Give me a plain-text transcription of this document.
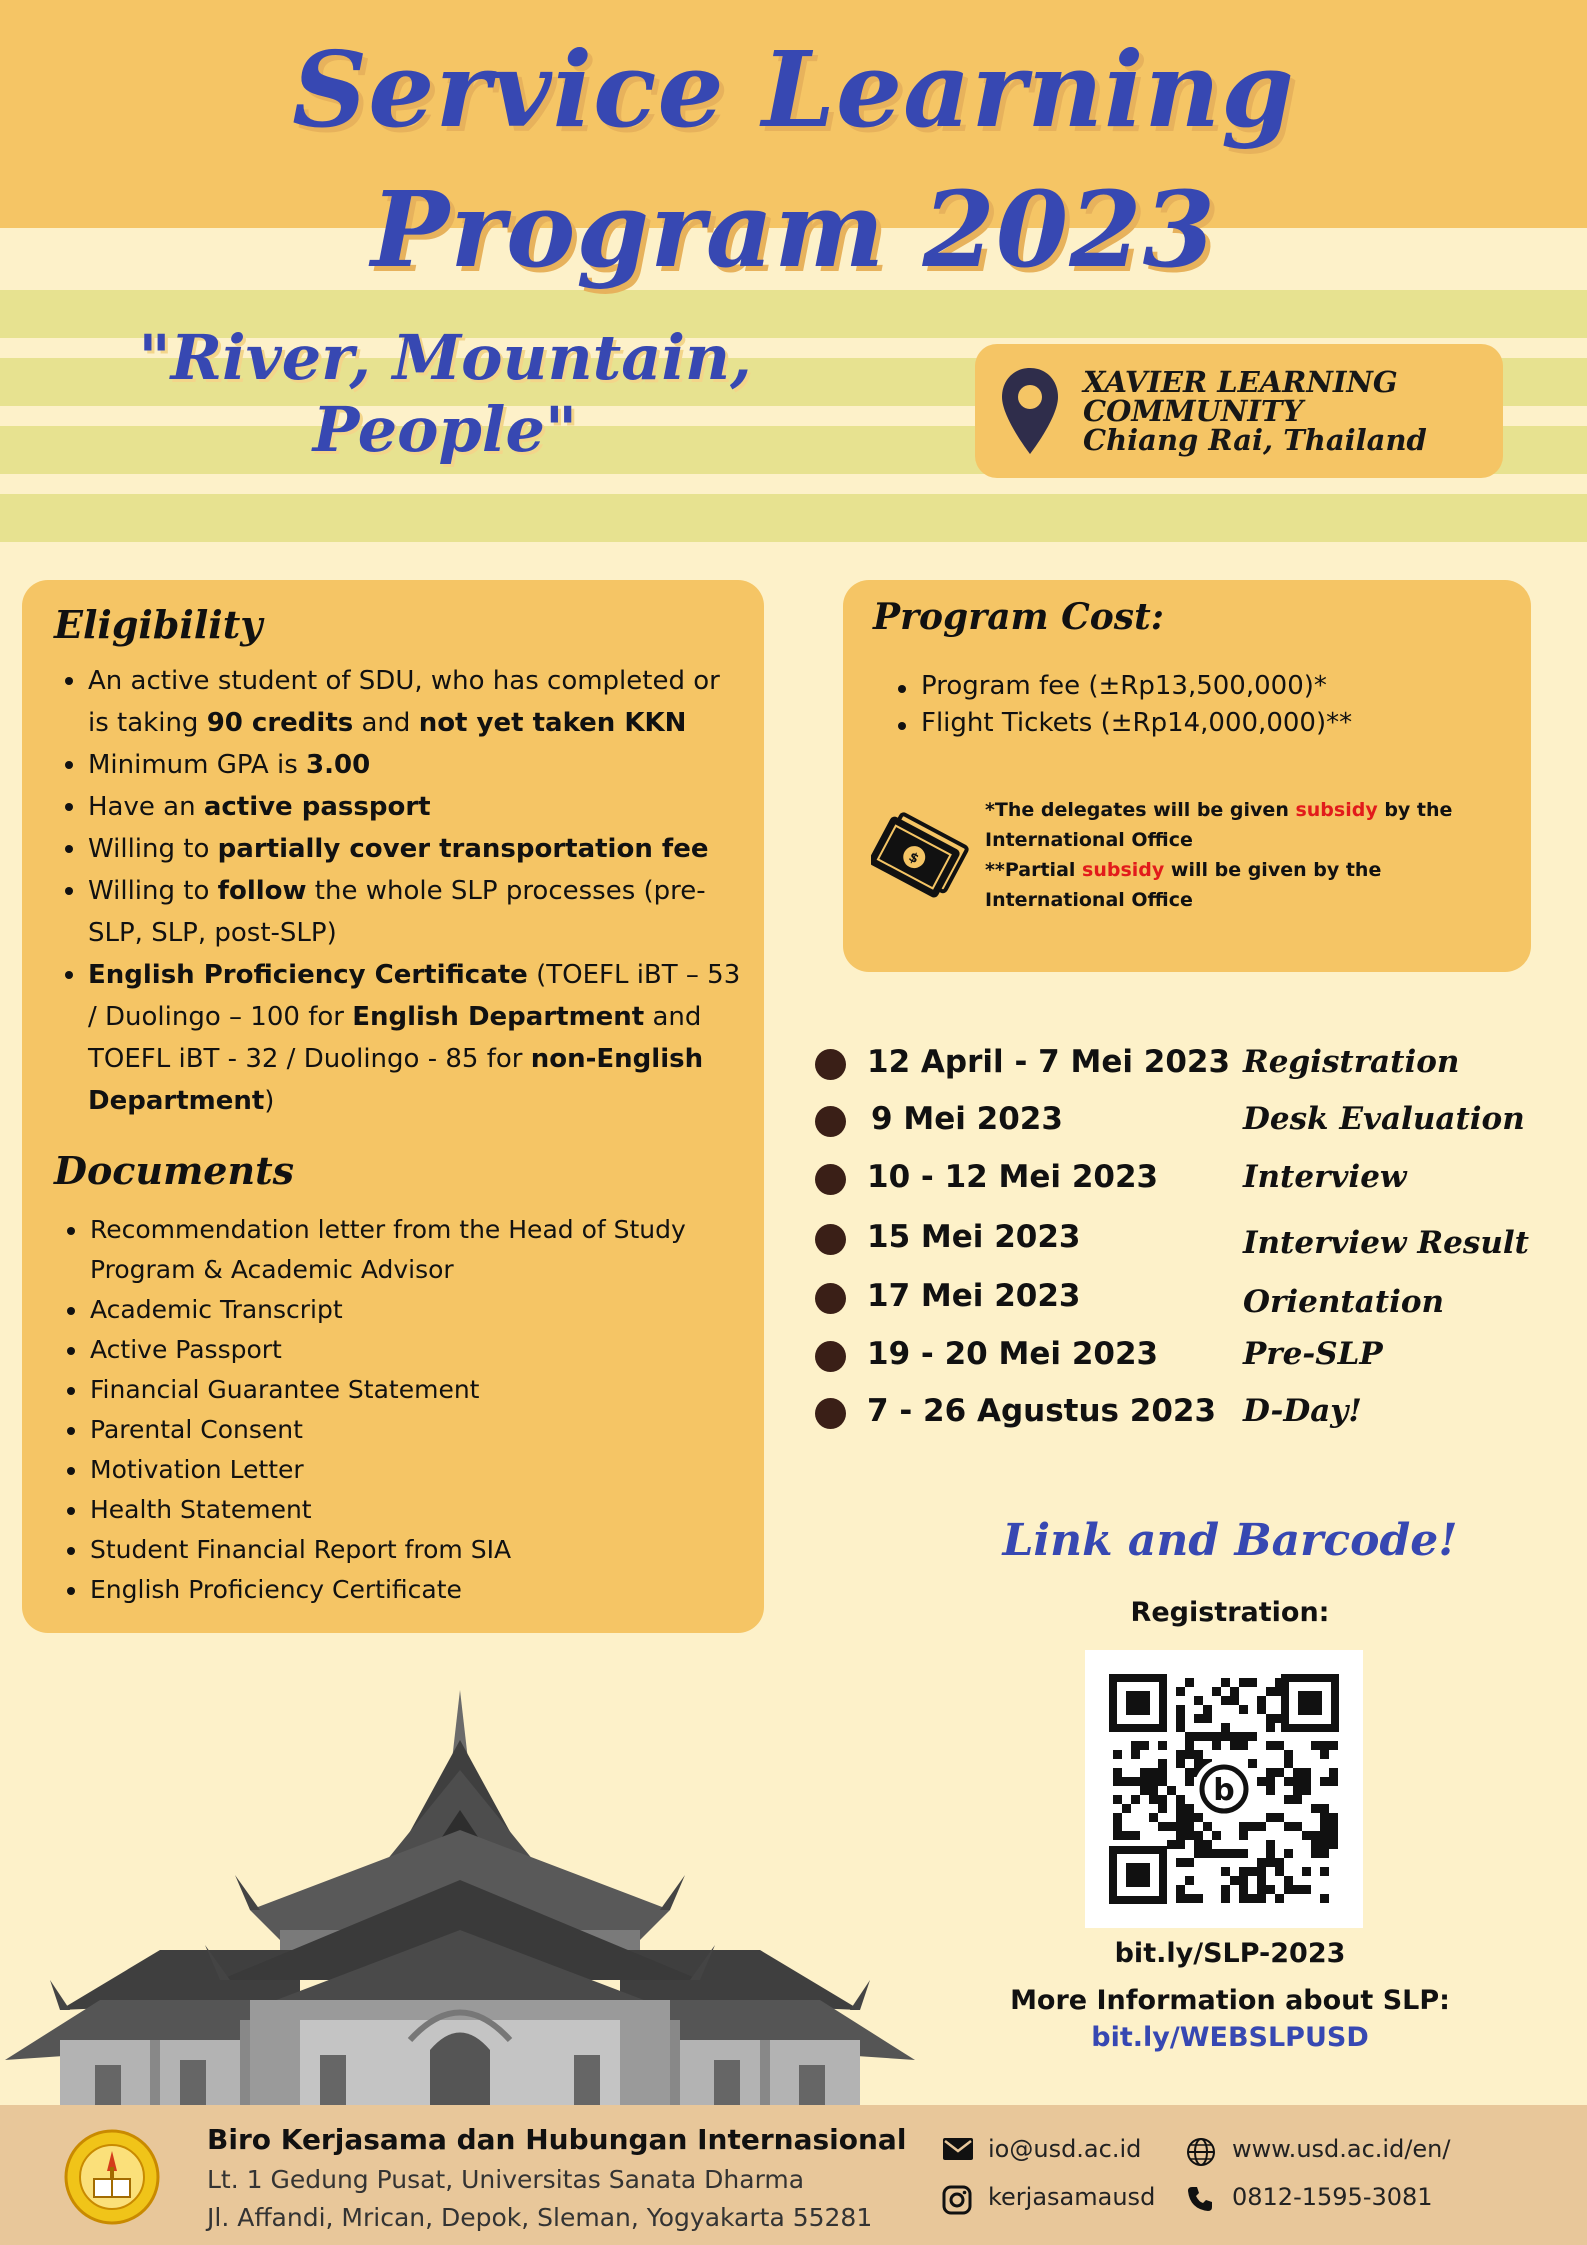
Service Learning
Program 2023
"River, Mountain,
People"
XAVIER LEARNING
COMMUNITY
Chiang Rai, Thailand
Eligibility
An active student of SDU, who has completed or is taking 90 credits and not yet taken KKN
Minimum GPA is 3.00
Have an active passport
Willing to partially cover transportation fee
Willing to follow the whole SLP processes (pre-SLP, SLP, post-SLP)
English Proficiency Certificate (TOEFL iBT – 53 / Duolingo – 100 for English Department and TOEFL iBT - 32 / Duolingo - 85 for non-English Department)
Documents
Recommendation letter from the Head of Study Program & Academic Advisor
Academic Transcript
Active Passport
Financial Guarantee Statement
Parental Consent
Motivation Letter
Health Statement
Student Financial Report from SIA
English Proficiency Certificate
Program Cost:
Program fee (±Rp13,500,000)*
Flight Tickets (±Rp14,000,000)**
$
*The delegates will be given subsidy by the International Office
**Partial subsidy will be given by the International Office
12 April - 7 Mei 2023 Registration
9 Mei 2023	Desk Evaluation
10 - 12 Mei 2023	Interview
15 Mei 2023	Interview Result
17 Mei 2023	Orientation
19 - 20 Mei 2023	Pre-SLP
7 - 26 Agustus 2023 D-Day!
Link and Barcode!
Registration:
b
bit.ly/SLP-2023
More Information about SLP:
bit.ly/WEBSLPUSD
Biro Kerjasama dan Hubungan Internasional
Lt. 1 Gedung Pusat, Universitas Sanata Dharma
Jl. Affandi, Mrican, Depok, Sleman, Yogyakarta 55281
io@usd.ac.id	www.usd.ac.id/en/
kerjasamausd	0812-1595-3081
